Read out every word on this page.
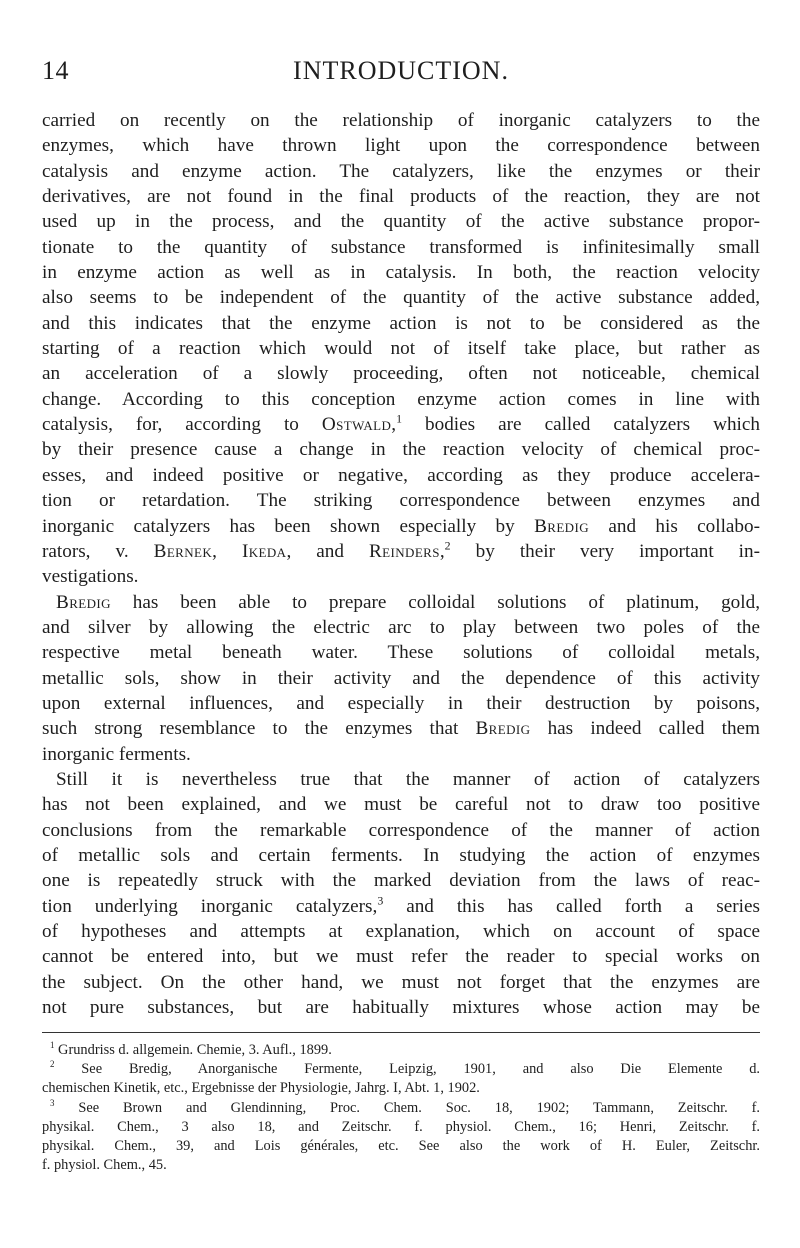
14	INTRODUCTION.
carried on recently on the relationship of inorganic catalyzers to the
enzymes, which have thrown light upon the correspondence between
catalysis and enzyme action. The catalyzers, like the enzymes or their
derivatives, are not found in the final products of the reaction, they are not
used up in the process, and the quantity of the active substance propor-
tionate to the quantity of substance transformed is infinitesimally small
in enzyme action as well as in catalysis. In both, the reaction velocity
also seems to be independent of the quantity of the active substance added,
and this indicates that the enzyme action is not to be considered as the
starting of a reaction which would not of itself take place, but rather as
an acceleration of a slowly proceeding, often not noticeable, chemical
change. According to this conception enzyme action comes in line with
catalysis, for, according to Ostwald,$^1$ bodies are called catalyzers which
by their presence cause a change in the reaction velocity of chemical proc-
esses, and indeed positive or negative, according as they produce accelera-
tion or retardation. The striking correspondence between enzymes and
inorganic catalyzers has been shown especially by Bredig and his collabo-
rators, v. Bernek, Ikeda, and Reinders,$^2$ by their very important in-
vestigations.
Bredig has been able to prepare colloidal solutions of platinum, gold,
and silver by allowing the electric arc to play between two poles of the
respective metal beneath water. These solutions of colloidal metals,
metallic sols, show in their activity and the dependence of this activity
upon external influences, and especially in their destruction by poisons,
such strong resemblance to the enzymes that Bredig has indeed called them
inorganic ferments.
Still it is nevertheless true that the manner of action of catalyzers
has not been explained, and we must be careful not to draw too positive
conclusions from the remarkable correspondence of the manner of action
of metallic sols and certain ferments. In studying the action of enzymes
one is repeatedly struck with the marked deviation from the laws of reac-
tion underlying inorganic catalyzers,$^3$ and this has called forth a series
of hypotheses and attempts at explanation, which on account of space
cannot be entered into, but we must refer the reader to special works on
the subject. On the other hand, we must not forget that the enzymes are
not pure substances, but are habitually mixtures whose action may be
$^1$ Grundriss d. allgemein. Chemie, 3. Aufl., 1899.
$^2$ See Bredig, Anorganische Fermente, Leipzig, 1901, and also Die Elemente d.
chemischen Kinetik, etc., Ergebnisse der Physiologie, Jahrg. I, Abt. 1, 1902.
$^3$ See Brown and Glendinning, Proc. Chem. Soc. 18, 1902; Tammann, Zeitschr. f.
physikal. Chem., 3 also 18, and Zeitschr. f. physiol. Chem., 16; Henri, Zeitschr. f.
physikal. Chem., 39, and Lois générales, etc. See also the work of H. Euler, Zeitschr.
f. physiol. Chem., 45.
